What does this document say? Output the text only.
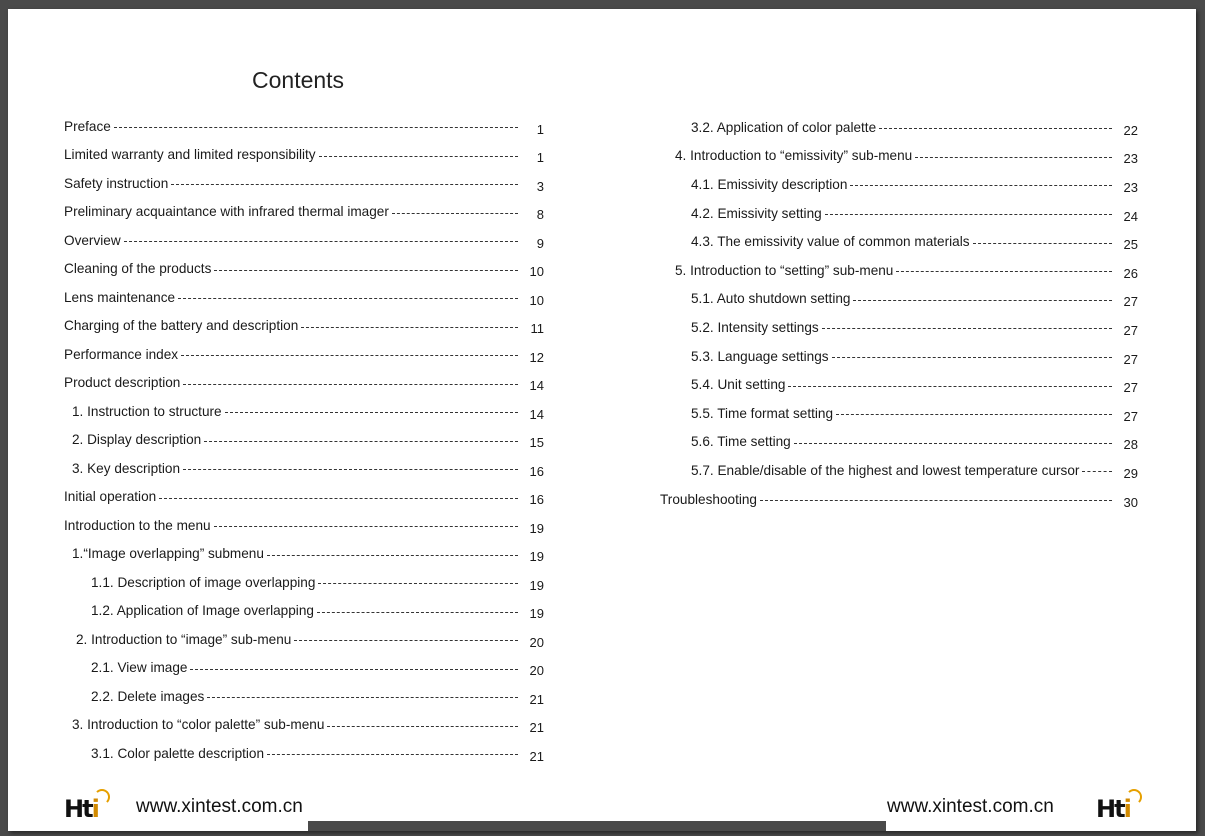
Contents
Preface	1
Limited warranty and limited responsibility	1
Safety instruction	3
Preliminary acquaintance with infrared thermal imager	8
Overview	9
Cleaning of the products	10
Lens maintenance	10
Charging of the battery and description	11
Performance index	12
Product description	14
1. Instruction to structure	14
2. Display description	15
3. Key description	16
Initial operation	16
Introduction to the menu	19
1.“Image overlapping” submenu	19
1.1. Description of image overlapping	19
1.2. Application of Image overlapping	19
2. Introduction to “image” sub-menu	20
2.1. View image	20
2.2. Delete images	21
3. Introduction to “color palette” sub-menu	21
3.1. Color palette description	21
3.2. Application of color palette	22
4. Introduction to “emissivity” sub-menu	23
4.1. Emissivity description	23
4.2. Emissivity setting	24
4.3. The emissivity value of common materials	25
5. Introduction to “setting” sub-menu	26
5.1. Auto shutdown setting	27
5.2. Intensity settings	27
5.3. Language settings	27
5.4. Unit setting	27
5.5. Time format setting	27
5.6. Time setting	28
5.7. Enable/disable of the highest and lowest temperature cursor	29
Troubleshooting	30
Hti www.xintest.com.cn	www.xintest.com.cn Hti
